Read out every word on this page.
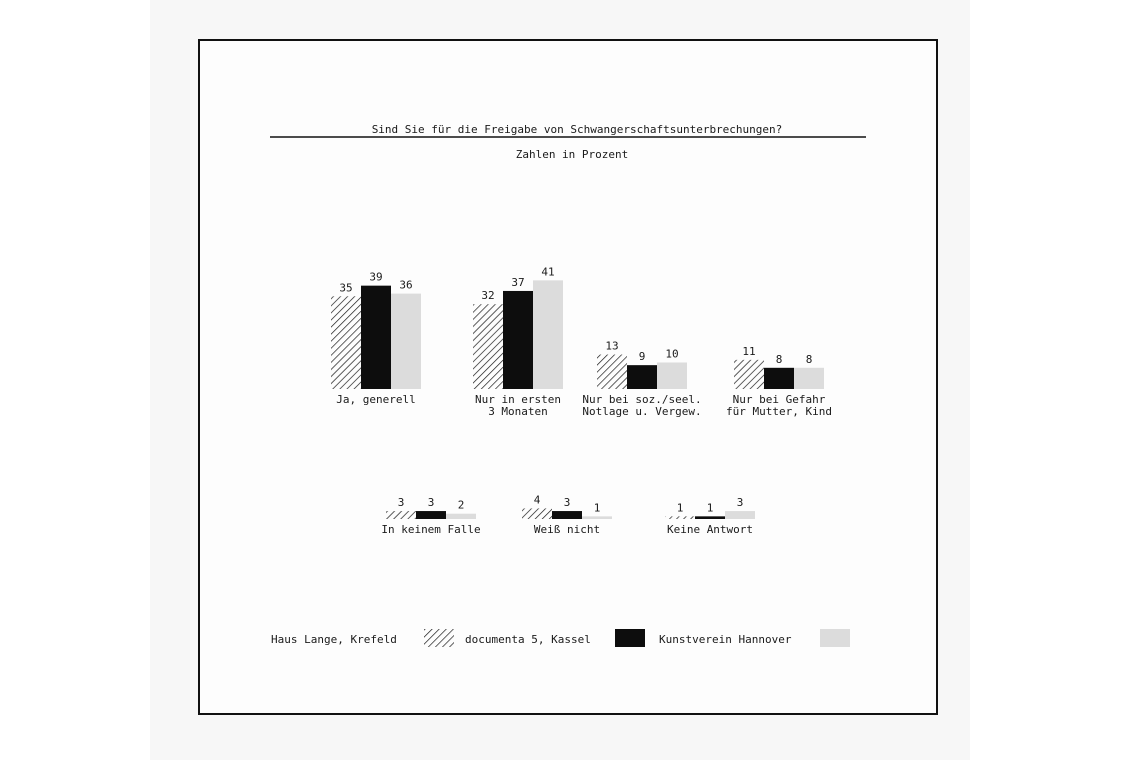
Sind Sie für die Freigabe von Schwangerschaftsunterbrechungen?
Zahlen in Prozent
35
39
36
Ja, generell
32
37
41
Nur in ersten
3 Monaten
13
9 10
Nur bei soz./seel.
Notlage u. Vergew.
11
8 8
Nur bei Gefahr
für Mutter, Kind
3 3 2
In keinem Falle
4 3 1
Weiß nicht
1 1 3
Keine Antwort
Haus Lange, Krefeld	documenta 5, Kassel	Kunstverein Hannover
